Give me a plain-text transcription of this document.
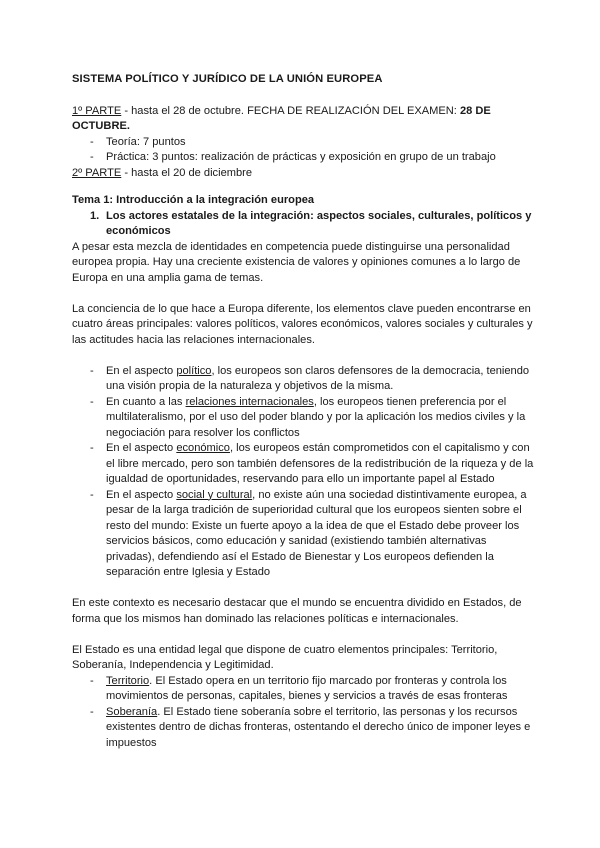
SISTEMA POLÍTICO Y JURÍDICO DE LA UNIÓN EUROPEA

1º PARTE - hasta el 28 de octubre. FECHA DE REALIZACIÓN DEL EXAMEN: 28 DE OCTUBRE.

- Teoría: 7 puntos
- Práctica: 3 puntos: realización de prácticas y exposición en grupo de un trabajo

2º PARTE - hasta el 20 de diciembre

Tema 1: Introducción a la integración europea

1. Los actores estatales de la integración: aspectos sociales, culturales, políticos y económicos

A pesar esta mezcla de identidades en competencia puede distinguirse una personalidad europea propia. Hay una creciente existencia de valores y opiniones comunes a lo largo de Europa en una amplia gama de temas.

La conciencia de lo que hace a Europa diferente, los elementos clave pueden encontrarse en cuatro áreas principales: valores políticos, valores económicos, valores sociales y culturales y las actitudes hacia las relaciones internacionales.

- En el aspecto político, los europeos son claros defensores de la democracia, teniendo una visión propia de la naturaleza y objetivos de la misma.
- En cuanto a las relaciones internacionales, los europeos tienen preferencia por el multilateralismo, por el uso del poder blando y por la aplicación los medios civiles y la negociación para resolver los conflictos
- En el aspecto económico, los europeos están comprometidos con el capitalismo y con el libre mercado, pero son también defensores de la redistribución de la riqueza y de la igualdad de oportunidades, reservando para ello un importante papel al Estado
- En el aspecto social y cultural, no existe aún una sociedad distintivamente europea, a pesar de la larga tradición de superioridad cultural que los europeos sienten sobre el resto del mundo: Existe un fuerte apoyo a la idea de que el Estado debe proveer los servicios básicos, como educación y sanidad (existiendo también alternativas privadas), defendiendo así el Estado de Bienestar y Los europeos defienden la separación entre Iglesia y Estado

En este contexto es necesario destacar que el mundo se encuentra dividido en Estados, de forma que los mismos han dominado las relaciones políticas e internacionales.

El Estado es una entidad legal que dispone de cuatro elementos principales: Territorio, Soberanía, Independencia y Legitimidad.

- Territorio. El Estado opera en un territorio fijo marcado por fronteras y controla los movimientos de personas, capitales, bienes y servicios a través de esas fronteras
- Soberanía. El Estado tiene soberanía sobre el territorio, las personas y los recursos existentes dentro de dichas fronteras, ostentando el derecho único de imponer leyes e impuestos
